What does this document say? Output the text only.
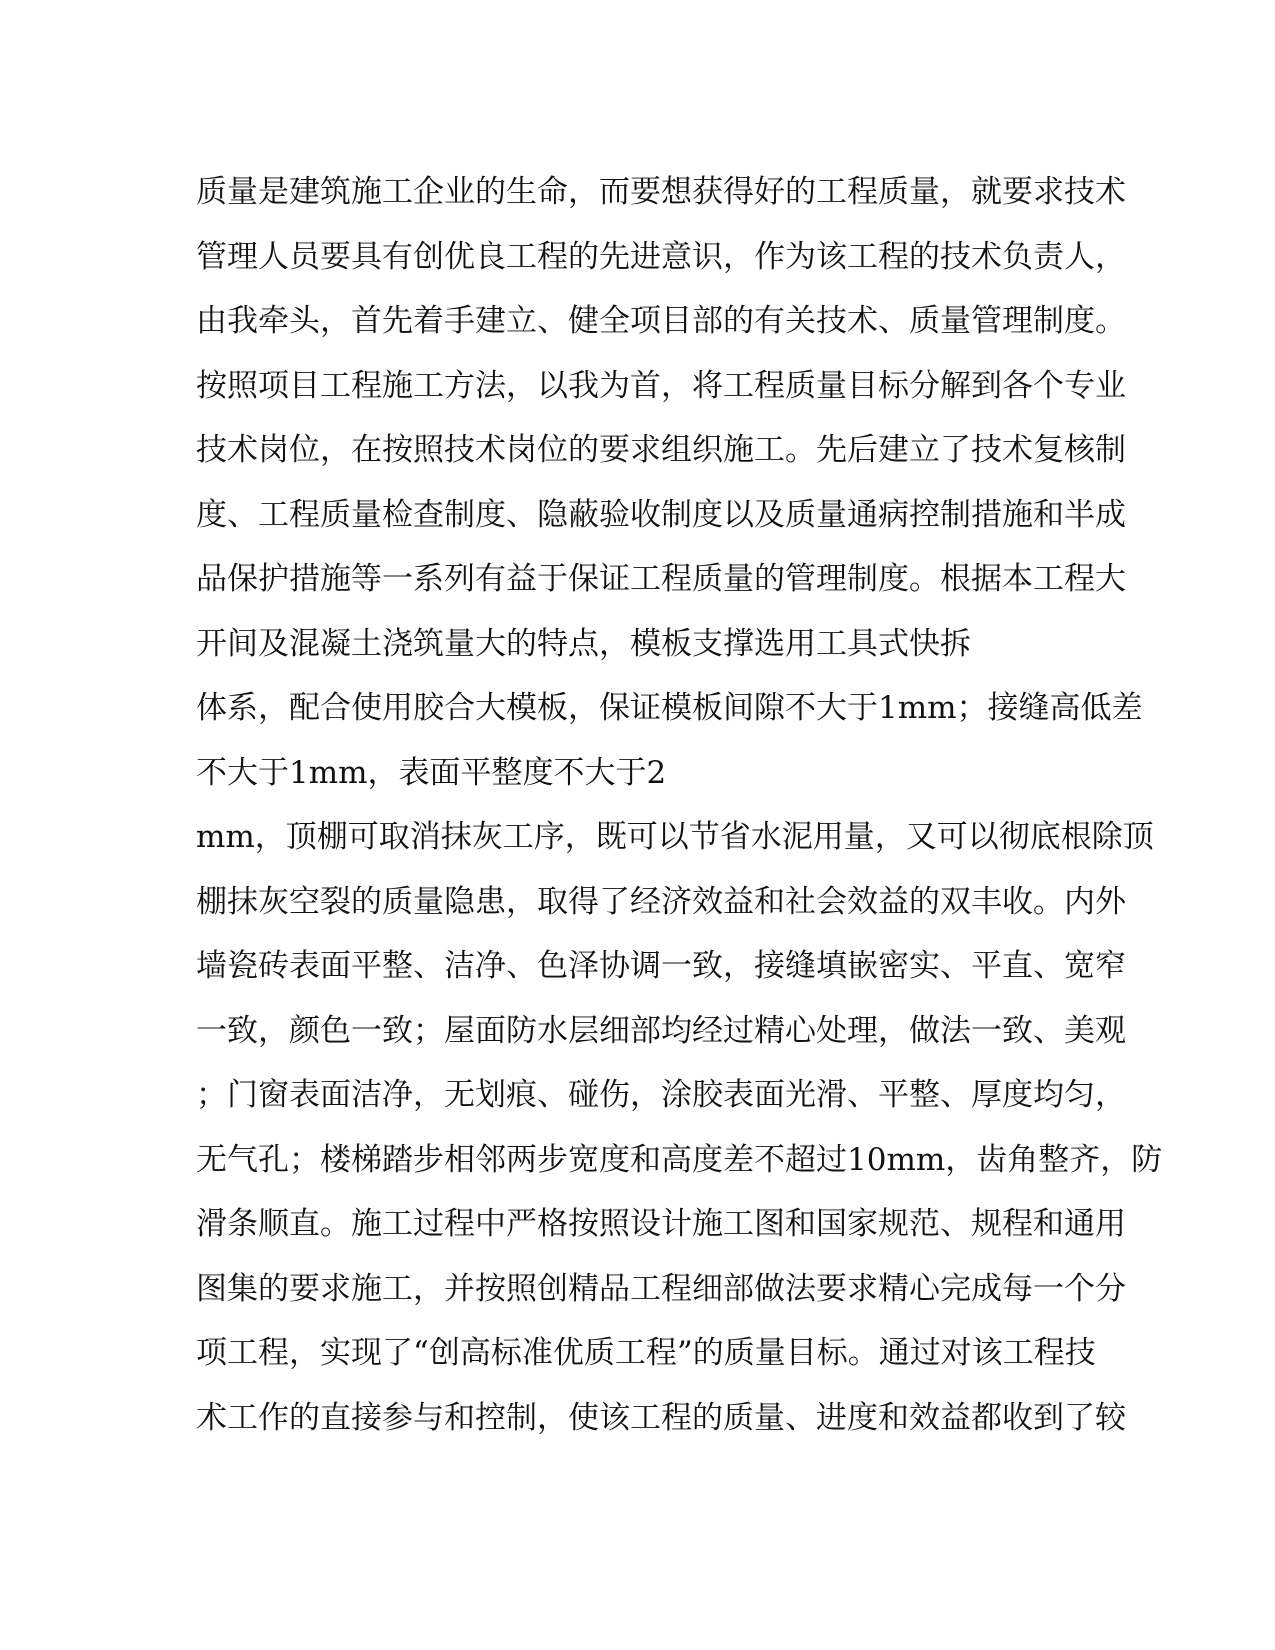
质量是建筑施工企业的生命，而要想获得好的工程质量，就要求技术
管理人员要具有创优良工程的先进意识，作为该工程的技术负责人，
由我牵头，首先着手建立、健全项目部的有关技术、质量管理制度。
按照项目工程施工方法，以我为首，将工程质量目标分解到各个专业
技术岗位，在按照技术岗位的要求组织施工。先后建立了技术复核制
度、工程质量检查制度、隐蔽验收制度以及质量通病控制措施和半成
品保护措施等一系列有益于保证工程质量的管理制度。根据本工程大
开间及混凝土浇筑量大的特点，模板支撑选用工具式快拆
体系，配合使用胶合大模板，保证模板间隙不大于1mm；接缝高低差
不大于1mm，表面平整度不大于2
mm，顶棚可取消抹灰工序，既可以节省水泥用量，又可以彻底根除顶
棚抹灰空裂的质量隐患，取得了经济效益和社会效益的双丰收。内外
墙瓷砖表面平整、洁净、色泽协调一致，接缝填嵌密实、平直、宽窄
一致，颜色一致；屋面防水层细部均经过精心处理，做法一致、美观
；门窗表面洁净，无划痕、碰伤，涂胶表面光滑、平整、厚度均匀，
无气孔；楼梯踏步相邻两步宽度和高度差不超过10mm，齿角整齐，防
滑条顺直。施工过程中严格按照设计施工图和国家规范、规程和通用
图集的要求施工，并按照创精品工程细部做法要求精心完成每一个分
项工程，实现了“创高标准优质工程”的质量目标。通过对该工程技
术工作的直接参与和控制，使该工程的质量、进度和效益都收到了较
